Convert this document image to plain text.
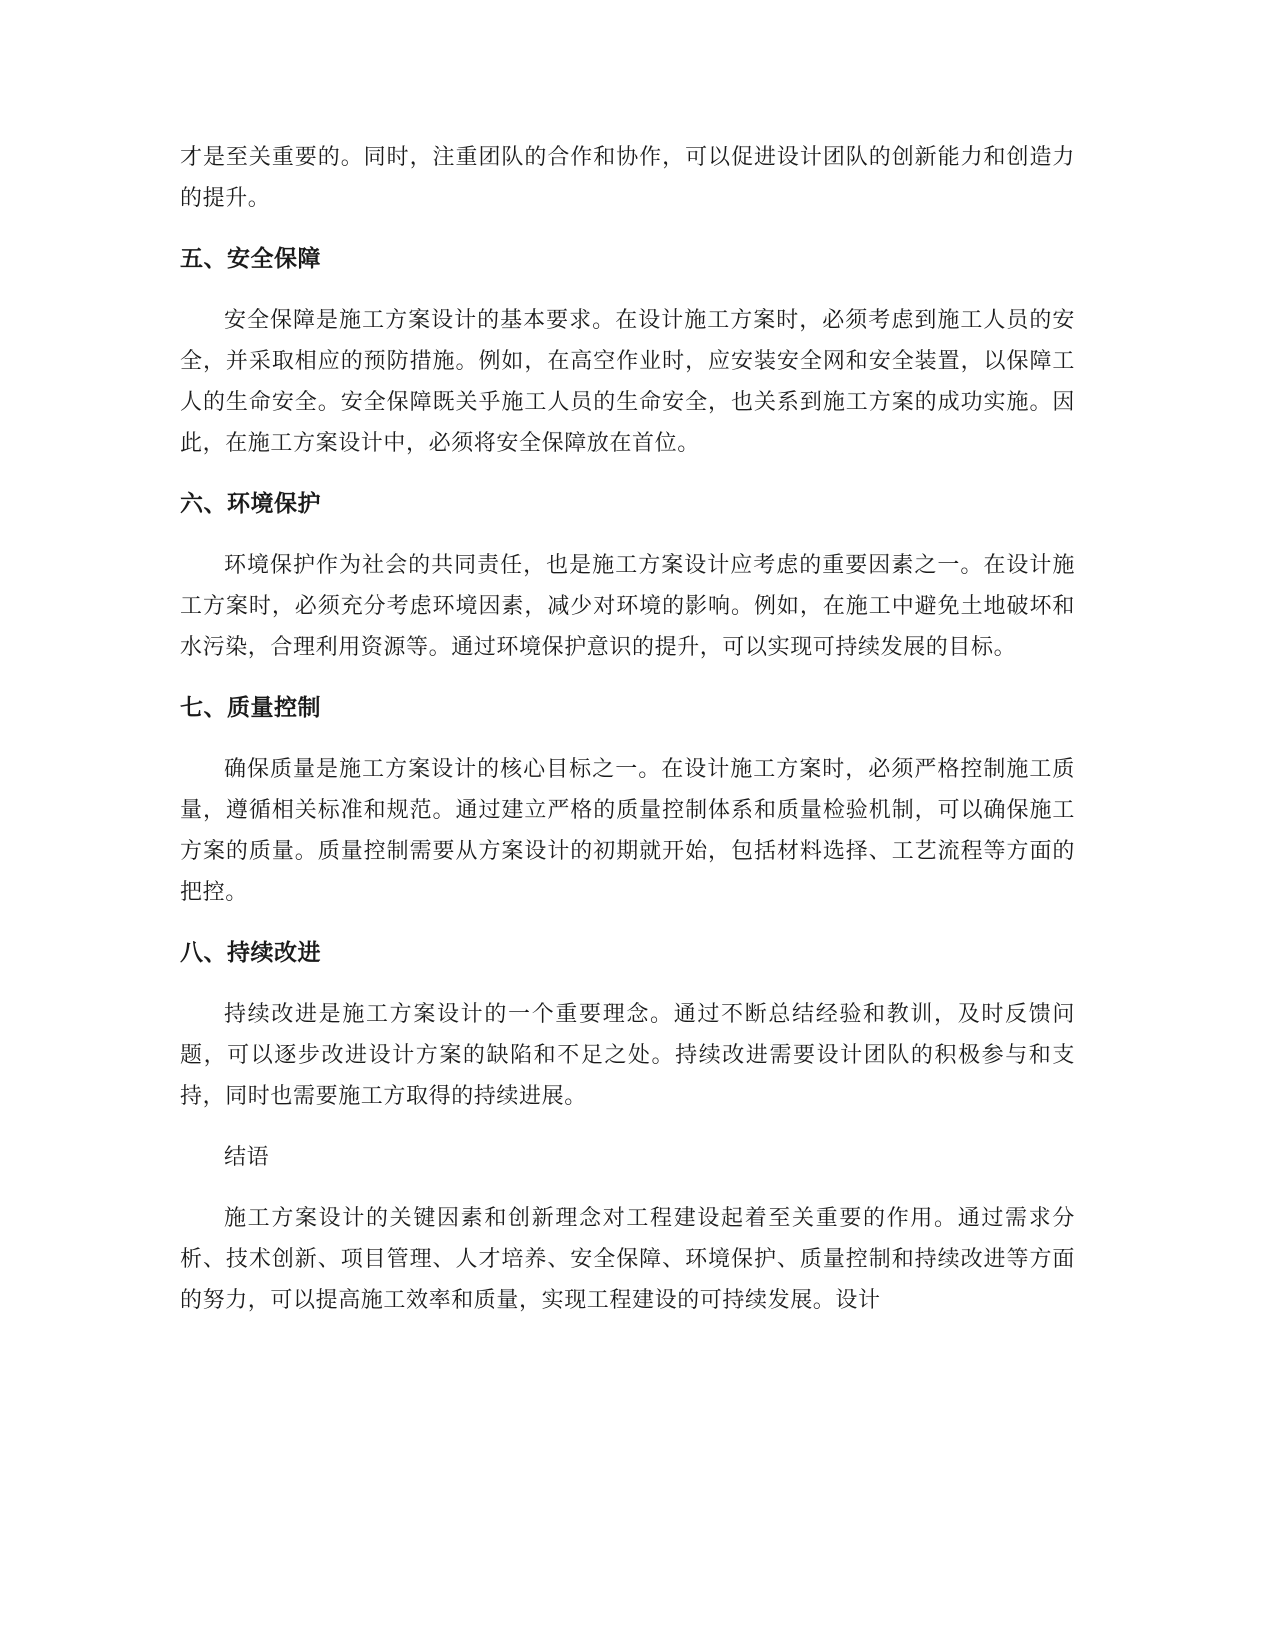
才是至关重要的。同时，注重团队的合作和协作，可以促进设计团队的创新能力和创造力的提升。

五、安全保障

安全保障是施工方案设计的基本要求。在设计施工方案时，必须考虑到施工人员的安全，并采取相应的预防措施。例如，在高空作业时，应安装安全网和安全装置，以保障工人的生命安全。安全保障既关乎施工人员的生命安全，也关系到施工方案的成功实施。因此，在施工方案设计中，必须将安全保障放在首位。

六、环境保护

环境保护作为社会的共同责任，也是施工方案设计应考虑的重要因素之一。在设计施工方案时，必须充分考虑环境因素，减少对环境的影响。例如，在施工中避免土地破坏和水污染，合理利用资源等。通过环境保护意识的提升，可以实现可持续发展的目标。

七、质量控制

确保质量是施工方案设计的核心目标之一。在设计施工方案时，必须严格控制施工质量，遵循相关标准和规范。通过建立严格的质量控制体系和质量检验机制，可以确保施工方案的质量。质量控制需要从方案设计的初期就开始，包括材料选择、工艺流程等方面的把控。

八、持续改进

持续改进是施工方案设计的一个重要理念。通过不断总结经验和教训，及时反馈问题，可以逐步改进设计方案的缺陷和不足之处。持续改进需要设计团队的积极参与和支持，同时也需要施工方取得的持续进展。

结语

施工方案设计的关键因素和创新理念对工程建设起着至关重要的作用。通过需求分析、技术创新、项目管理、人才培养、安全保障、环境保护、质量控制和持续改进等方面的努力，可以提高施工效率和质量，实现工程建设的可持续发展。设计
